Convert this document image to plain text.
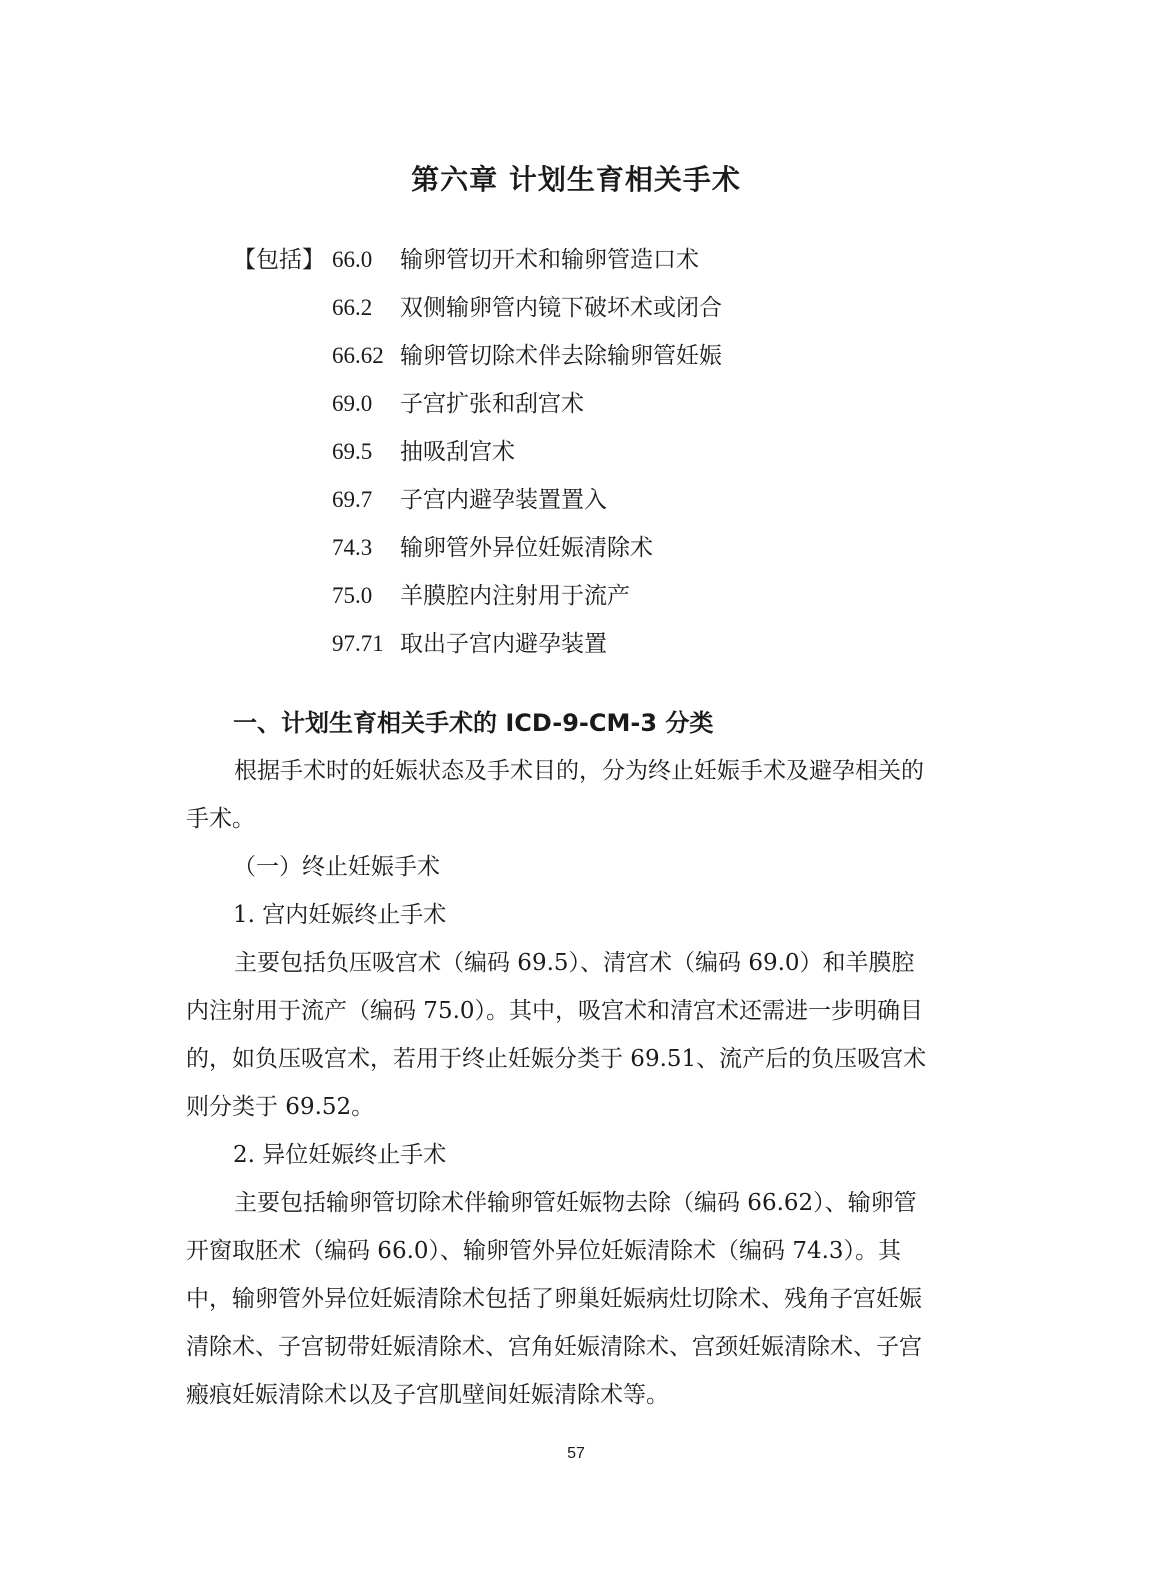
第六章 计划生育相关手术
【包括】 66.0 输卵管切开术和输卵管造口术
66.2 双侧输卵管内镜下破坏术或闭合
66.62 输卵管切除术伴去除输卵管妊娠
69.0 子宫扩张和刮宫术
69.5 抽吸刮宫术
69.7 子宫内避孕装置置入
74.3 输卵管外异位妊娠清除术
75.0 羊膜腔内注射用于流产
97.71 取出子宫内避孕装置
一、计划生育相关手术的 ICD-9-CM-3 分类

根据手术时的妊娠状态及手术目的，分为终止妊娠手术及避孕相关的手术。

（一）终止妊娠手术
1. 宫内妊娠终止手术

主要包括负压吸宫术（编码 69.5）、清宫术（编码 69.0）和羊膜腔内注射用于流产（编码 75.0）。其中，吸宫术和清宫术还需进一步明确目的，如负压吸宫术，若用于终止妊娠分类于 69.51、流产后的负压吸宫术则分类于 69.52。

2. 异位妊娠终止手术

主要包括输卵管切除术伴输卵管妊娠物去除（编码 66.62）、输卵管开窗取胚术（编码 66.0）、输卵管外异位妊娠清除术（编码 74.3）。其中，输卵管外异位妊娠清除术包括了卵巢妊娠病灶切除术、残角子宫妊娠清除术、子宫韧带妊娠清除术、宫角妊娠清除术、宫颈妊娠清除术、子宫瘢痕妊娠清除术以及子宫肌壁间妊娠清除术等。

57
